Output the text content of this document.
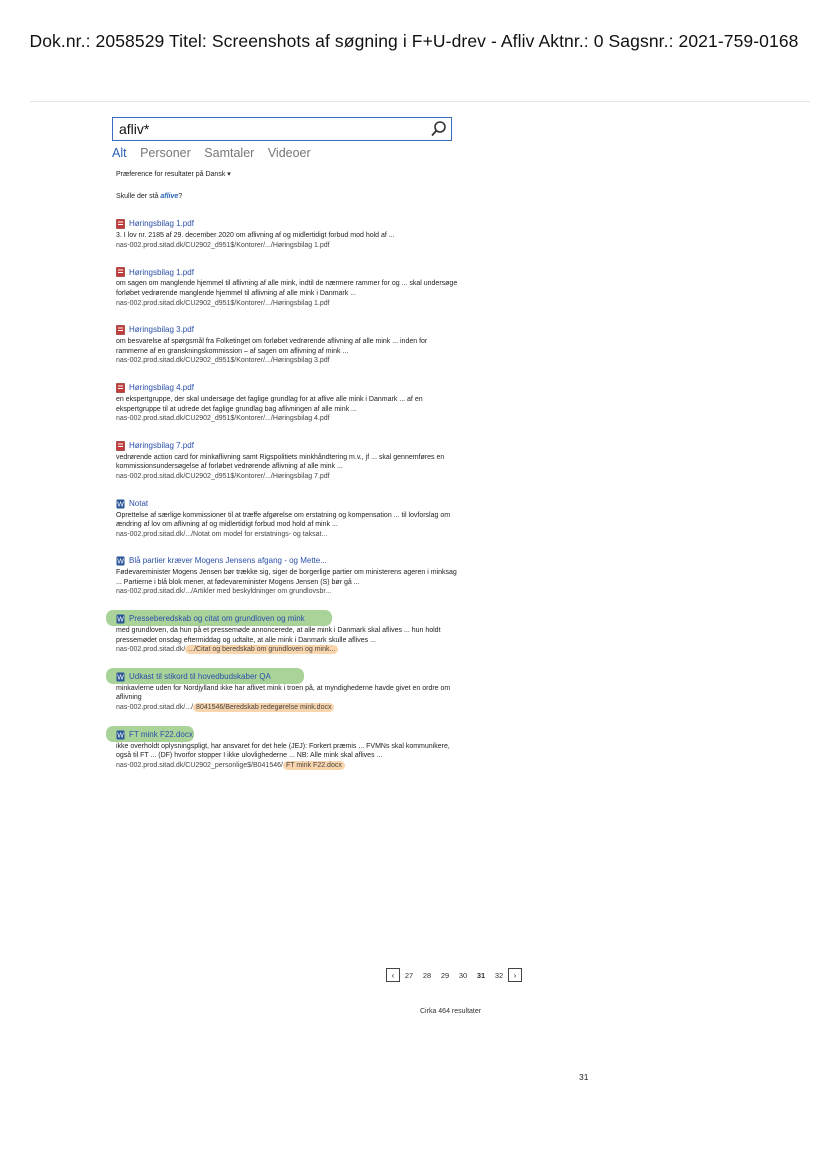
Dok.nr.: 2058529 Titel: Screenshots af søgning i F+U-drev - Afliv Aktnr.: 0 Sagsnr.: 2021-759-0168
afliv*
Alt Personer Samtaler Videoer
Præference for resultater på Dansk ▾
Skulle der stå aflive?
Høringsbilag 1.pdf
3. I lov nr. 2185 af 29. december 2020 om aflivning af og midlertidigt forbud mod hold af ...
nas-002.prod.sitad.dk/CU2902_d951$/Kontorer/.../Høringsbilag 1.pdf
Høringsbilag 1.pdf
om sagen om manglende hjemmel til aflivning af alle mink, indtil de nærmere rammer for og ... skal undersøge forløbet vedrørende manglende hjemmel til aflivning af alle mink i Danmark ...
nas-002.prod.sitad.dk/CU2902_d951$/Kontorer/.../Høringsbilag 1.pdf
Høringsbilag 3.pdf
om besvarelse af spørgsmål fra Folketinget om forløbet vedrørende aflivning af alle mink ... inden for rammerne af en granskningskommission – af sagen om aflivning af mink ...
nas-002.prod.sitad.dk/CU2902_d951$/Kontorer/.../Høringsbilag 3.pdf
Høringsbilag 4.pdf
en ekspertgruppe, der skal undersøge det faglige grundlag for at aflive alle mink i Danmark ... af en ekspertgruppe til at udrede det faglige grundlag bag aflivningen af alle mink ...
nas-002.prod.sitad.dk/CU2902_d951$/Kontorer/.../Høringsbilag 4.pdf
Høringsbilag 7.pdf
vedrørende action card for minkaflivning samt Rigspolitiets minkhåndtering m.v., jf ... skal gennemføres en kommissionsundersøgelse af forløbet vedrørende aflivning af alle mink ...
nas-002.prod.sitad.dk/CU2902_d951$/Kontorer/.../Høringsbilag 7.pdf
W Notat
Oprettelse af særlige kommissioner til at træffe afgørelse om erstatning og kompensation ... til lovforslag om ændring af lov om aflivning af og midlertidigt forbud mod hold af mink ...
nas-002.prod.sitad.dk/.../Notat om model for erstatnings- og taksat...
W Blå partier kræver Mogens Jensens afgang - og Mette...
Fødevareminister Mogens Jensen bør trække sig, siger de borgerlige partier om ministerens ageren i minksag ... Partierne i blå blok mener, at fødevareminister Mogens Jensen (S) bør gå ...
nas-002.prod.sitad.dk/.../Artikler med beskyldninger om grundlovsbr...
W Presseberedskab og citat om grundloven og mink
med grundloven, da hun på et pressemøde annoncerede, at alle mink i Danmark skal aflives ... hun holdt pressemødet onsdag eftermiddag og udtalte, at alle mink i Danmark skulle aflives ...
nas-002.prod.sitad.dk/ .../Citat og beredskab om grundloven og mink...
W Udkast til stikord til hovedbudskaber QA
minkavlerne uden for Nordjylland ikke har aflivet mink i troen på, at myndighederne havde givet en ordre om aflivning
nas-002.prod.sitad.dk/.../ 8041546/Beredskab redegørelse mink.docx
W FT mink F22.docx
ikke overholdt oplysningspligt, har ansvaret for det hele (JEJ): Forkert præmis ... FVMNs skal kommunikere, også til FT ... (DF) hvorfor stopper I ikke ulovlighederne ... NB: Alle mink skal aflives ...
nas-002.prod.sitad.dk/CU2902_personlige$/B041546/ FT mink F22.docx
‹	27	28	29	30	31	32	›
Cirka 464 resultater
31
